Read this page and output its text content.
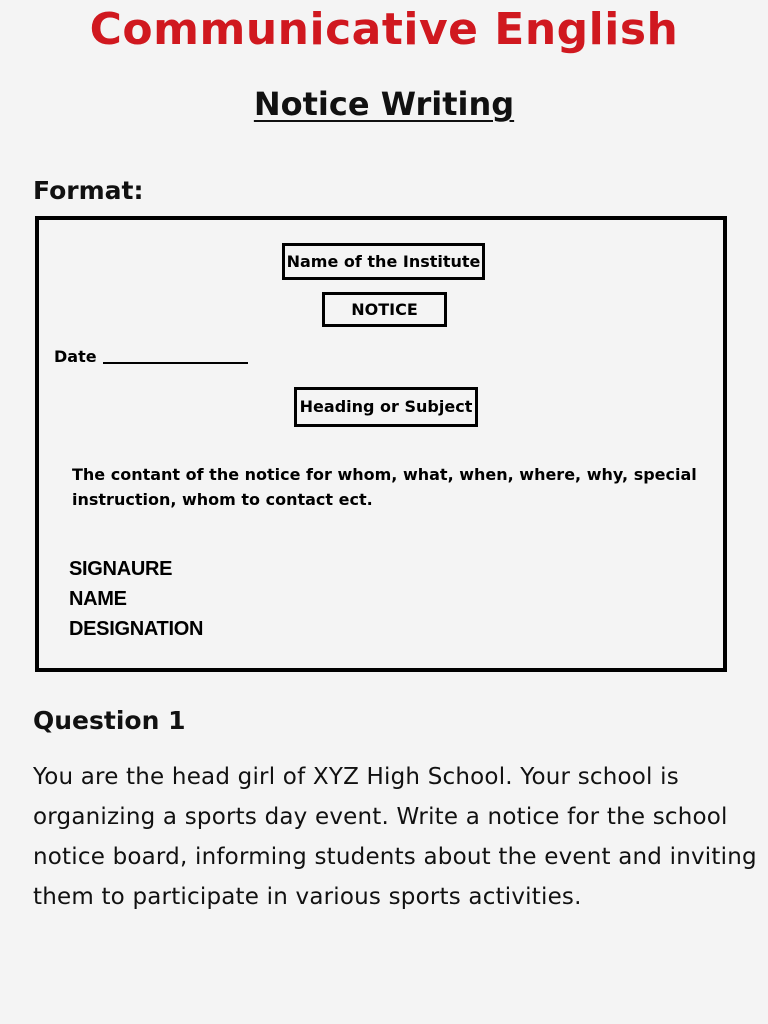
Communicative English
Notice Writing
Format:
Name of the Institute
NOTICE
Date
Heading or Subject
The contant of the notice for whom, what, when, where, why, special instruction, whom to contact ect.
SIGNAURE
NAME
DESIGNATION
Question 1
You are the head girl of XYZ High School. Your school is organizing a sports day event. Write a notice for the school notice board, informing students about the event and inviting them to participate in various sports activities.
